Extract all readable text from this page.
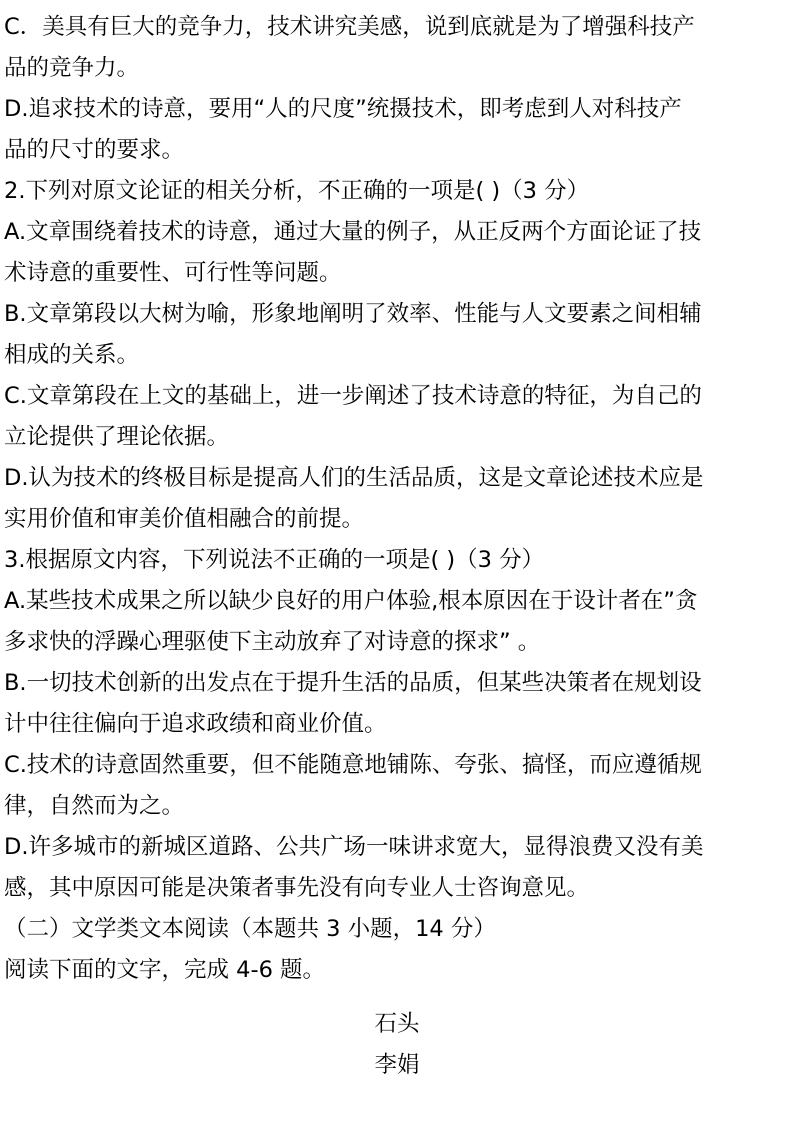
C．美具有巨大的竞争力，技术讲究美感，说到底就是为了增强科技产
品的竞争力。
D.追求技术的诗意，要用“人的尺度”统摄技术，即考虑到人对科技产
品的尺寸的要求。
2.下列对原文论证的相关分析，不正确的一项是( )（3 分）
A.文章围绕着技术的诗意，通过大量的例子，从正反两个方面论证了技
术诗意的重要性、可行性等问题。
B.文章第段以大树为喻，形象地阐明了效率、性能与人文要素之间相辅
相成的关系。
C.文章第段在上文的基础上，进一步阐述了技术诗意的特征，为自己的
立论提供了理论依据。
D.认为技术的终极目标是提高人们的生活品质，这是文章论述技术应是
实用价值和审美价值相融合的前提。
3.根据原文内容，下列说法不正确的一项是( )（3 分）
A.某些技术成果之所以缺少良好的用户体验,根本原因在于设计者在”贪
多求快的浮躁心理驱使下主动放弃了对诗意的探求” 。
B.一切技术创新的出发点在于提升生活的品质，但某些决策者在规划设
计中往往偏向于追求政绩和商业价值。
C.技术的诗意固然重要，但不能随意地铺陈、夸张、搞怪，而应遵循规
律，自然而为之。
D.许多城市的新城区道路、公共广场一味讲求宽大，显得浪费又没有美
感，其中原因可能是决策者事先没有向专业人士咨询意见。
（二）文学类文本阅读（本题共 3 小题，14 分）
阅读下面的文字，完成 4-6 题。
石头
李娟
